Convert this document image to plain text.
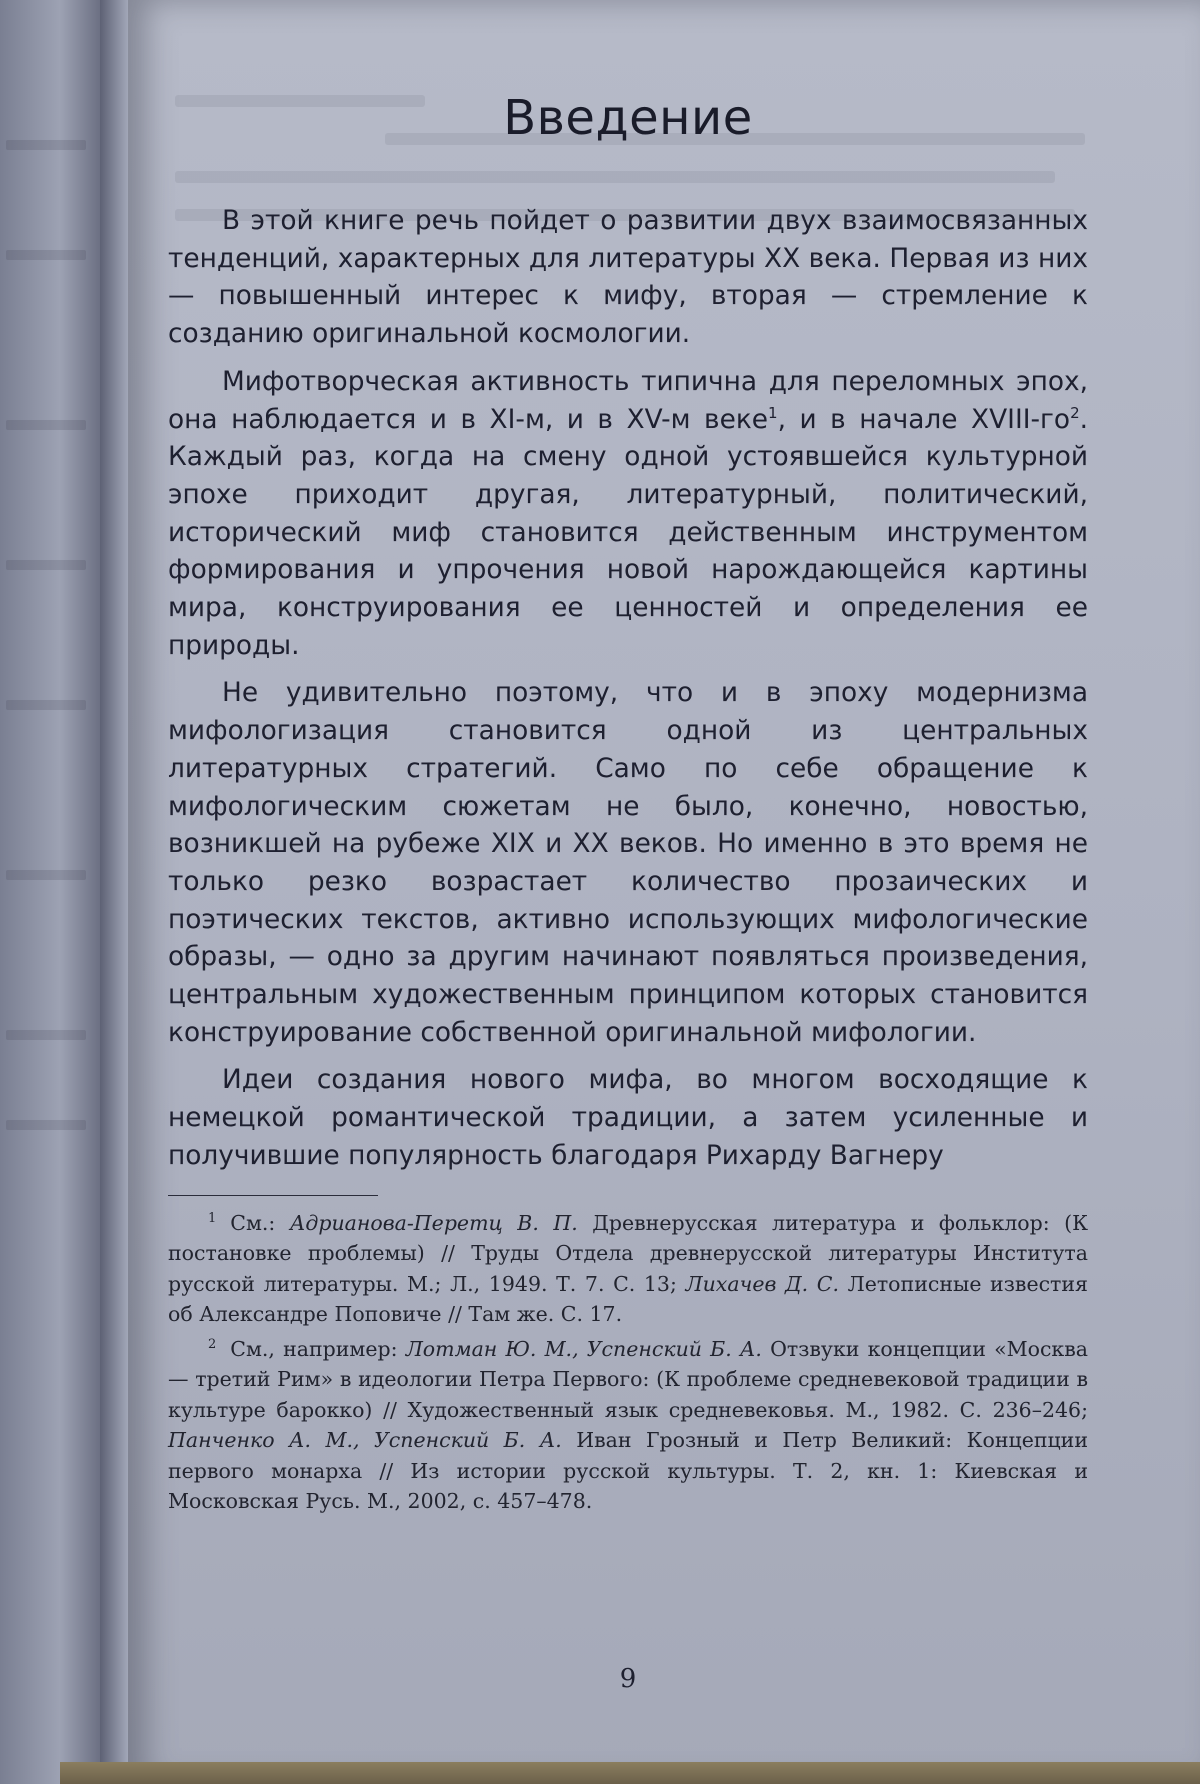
Введение

В этой книге речь пойдет о развитии двух взаимосвязанных тенденций, характерных для литературы XX века. Первая из них — повышенный интерес к мифу, вторая — стремление к созданию оригинальной космологии.

Мифотворческая активность типична для переломных эпох, она наблюдается и в XI-м, и в XV-м веке$^1$, и в начале XVIII-$го^2$. Каждый раз, когда на смену одной устоявшейся культурной эпохе приходит другая, литературный, политический, исторический миф становится действенным инструментом формирования и упрочения новой нарождающейся картины мира, конструирования ее ценностей и определения ее природы.

Не удивительно поэтому, что и в эпоху модернизма мифологизация становится одной из центральных литературных стратегий. Само по себе обращение к мифологическим сюжетам не было, конечно, новостью, возникшей на рубеже XIX и XX веков. Но именно в это время не только резко возрастает количество прозаических и поэтических текстов, активно использующих мифологические образы, — одно за другим начинают появляться произведения, центральным художественным принципом которых становится конструирование собственной оригинальной мифологии.

Идеи создания нового мифа, во многом восходящие к немецкой романтической традиции, а затем усиленные и получившие популярность благодаря Рихарду Вагнеру

$^1$ См.: Адрианова-Перетц В. П. Древнерусская литература и фольклор: (К постановке проблемы) // Труды Отдела древнерусской литературы Института русской литературы. М.; Л., 1949. Т. 7. С. 13; Лихачев Д. С. Летописные известия об Александре Поповиче // Там же. С. 17.

$^2$ См., например: Лотман Ю. М., Успенский Б. А. Отзвуки концепции «Москва — третий Рим» в идеологии Петра Первого: (К проблеме средневековой традиции в культуре барокко) // Художественный язык средневековья. М., 1982. С. 236–246; Панченко А. М., Успенский Б. А. Иван Грозный и Петр Великий: Концепции первого монарха // Из истории русской культуры. Т. 2, кн. 1: Киевская и Московская Русь. М., 2002, с. 457–478.

9
